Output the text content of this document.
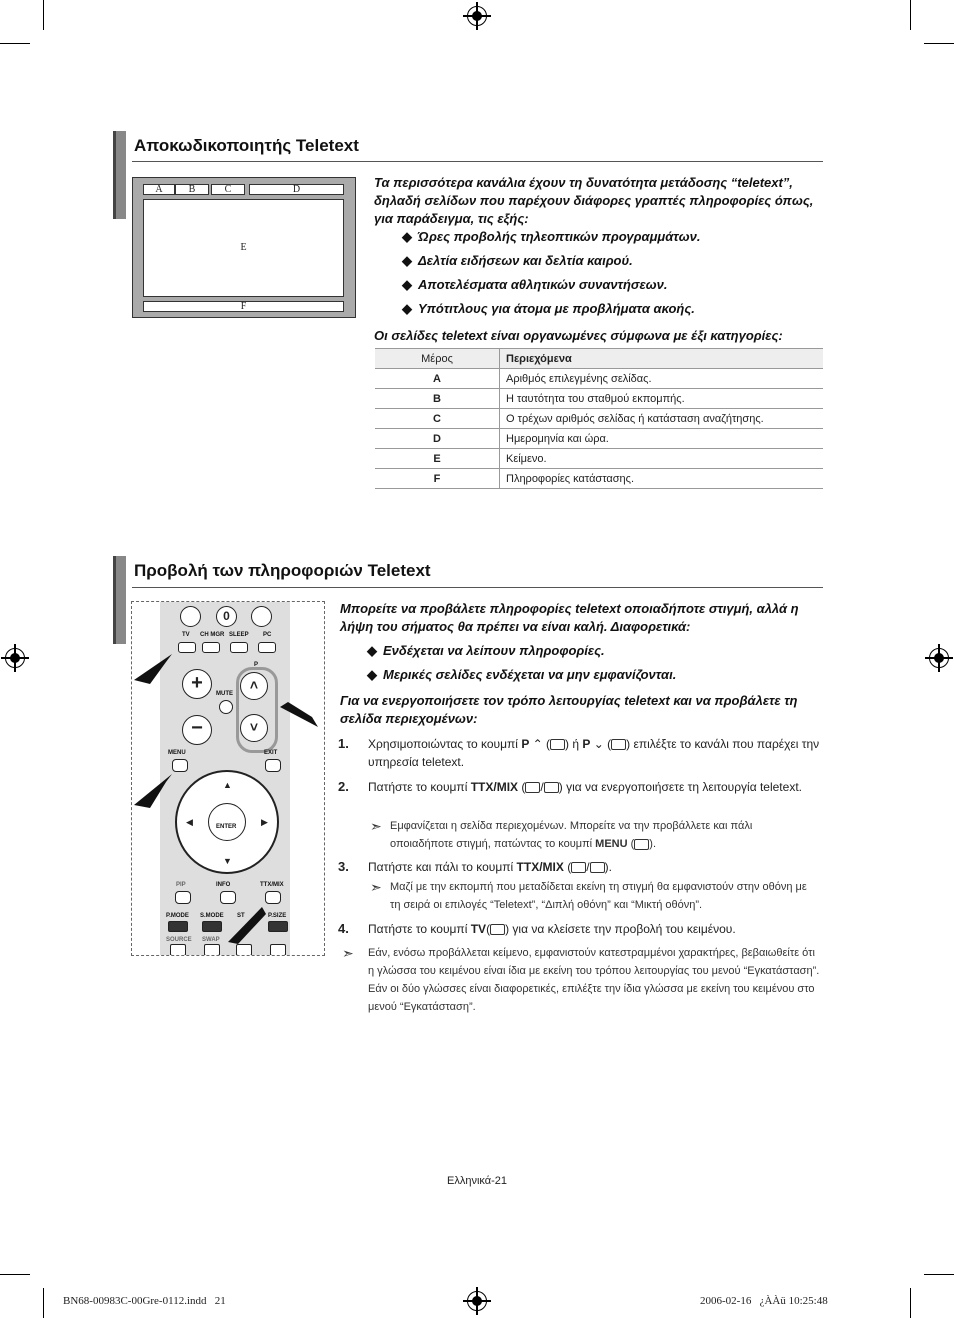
Αποκωδικοποιητής Teletext
A	B	C	D
E
F
Τα περισσότερα κανάλια έχουν τη δυνατότητα μετάδοσης “teletext”, δηλαδή σελίδων που παρέχουν διάφορες γραπτές πληροφορίες όπως, για παράδειγμα, τις εξής:
◆ Ώρες προβολής τηλεοπτικών προγραμμάτων.
◆ Δελτία ειδήσεων και δελτία καιρού.
◆ Αποτελέσματα αθλητικών συναντήσεων.
◆ Υπότιτλους για άτομα με προβλήματα ακοής.
Οι σελίδες teletext είναι οργανωμένες σύμφωνα με έξι κατηγορίες:
Μέρος	Περιεχόμενα
A	Αριθμός επιλεγμένης σελίδας.
B	Η ταυτότητα του σταθμού εκπομπής.
C	Ο τρέχων αριθμός σελίδας ή κατάσταση αναζήτησης.
D	Ημερομηνία και ώρα.
E	Κείμενο.
F	Πληροφορίες κατάστασης.
Προβολή των πληροφοριών Teletext
0
TV CH MGR SLEEP PC
+
−
MUTE
P
˄
˅
MENU	EXIT
ENTER
▲
▼
◀	▶
PIP	INFO	TTX/MIX
P.MODE S.MODE ST	P.SIZE
SOURCE SWAP
Μπορείτε να προβάλετε πληροφορίες teletext οποιαδήποτε στιγμή, αλλά η λήψη του σήματος θα πρέπει να είναι καλή. Διαφορετικά:
◆ Ενδέχεται να λείπουν πληροφορίες.
◆ Μερικές σελίδες ενδέχεται να μην εμφανίζονται.
Για να ενεργοποιήσετε τον τρόπο λειτουργίας teletext και να προβάλετε τη σελίδα περιεχομένων:
1. Χρησιμοποιώντας το κουμπί P ⌃ ( ) ή P ⌄ ( ) επιλέξτε το κανάλι που παρέχει την υπηρεσία teletext.
2. Πατήστε το κουμπί TTX/MIX ( / ) για να ενεργοποιήσετε τη λειτουργία teletext.
➣ Εμφανίζεται η σελίδα περιεχομένων. Μπορείτε να την προβάλλετε και πάλι οποιαδήποτε στιγμή, πατώντας το κουμπί MENU ( ).
3. Πατήστε και πάλι το κουμπί TTX/MIX ( / ).
➣ Μαζί με την εκπομπή που μεταδίδεται εκείνη τη στιγμή θα εμφανιστούν στην οθόνη με τη σειρά οι επιλογές “Teletext”, “Διπλή οθόνη” και “Μικτή οθόνη”.
4. Πατήστε το κουμπί TV( ) για να κλείσετε την προβολή του κειμένου.
➣ Εάν, ενόσω προβάλλεται κείμενο, εμφανιστούν κατεστραμμένοι χαρακτήρες, βεβαιωθείτε ότι η γλώσσα του κειμένου είναι ίδια με εκείνη του τρόπου λειτουργίας του μενού “Εγκατάσταση”. Εάν οι δύο γλώσσες είναι διαφορετικές, επιλέξτε την ίδια γλώσσα με εκείνη του κειμένου στο μενού “Εγκατάσταση”.
Ελληνικά-21
BN68-00983C-00Gre-0112.indd   21	2006-02-16   ¿ÀÀü 10:25:48
